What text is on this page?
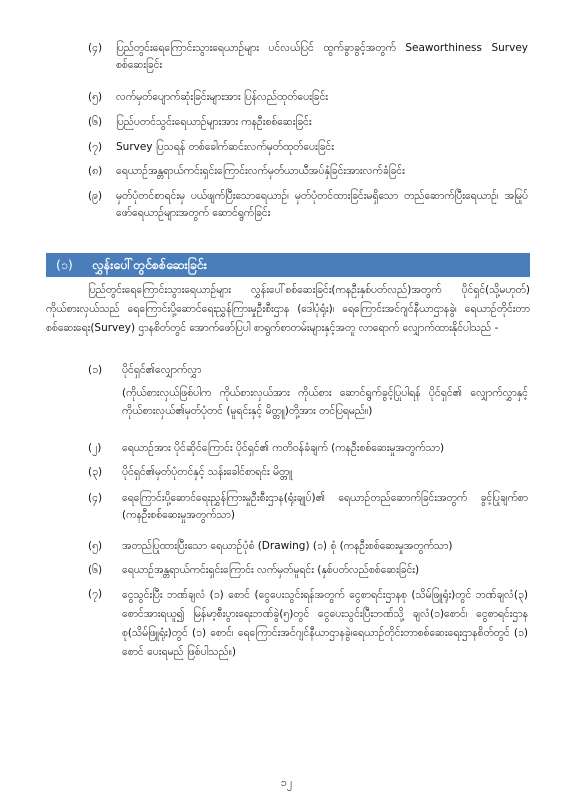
(၄)	ပြည်တွင်းရေကြောင်းသွားရေယာဉ်များ ပင်လယ်ပြင် ထွက်ခွာခွင့်အတွက် Seaworthiness Survey စစ်ဆေးခြင်း
(၅)	လက်မှတ်ပျောက်ဆုံးခြင်းများအား ပြန်လည်ထုတ်ပေးခြင်း
(၆)	ပြည်ပတင်သွင်းရေယာဉ်များအား ကနဦးစစ်ဆေးခြင်း
(၇)	Survey ပြသရန် တစ်ခေါက်ဆင်းလက်မှတ်ထုတ်ပေးခြင်း
(၈)	ရေယာဉ်အန္တရာယ်ကင်းရှင်းကြောင်းလက်မှတ်ယာယီအပ်နှံခြင်းအားလက်ခံခြင်း
(၉)	မှတ်ပုံတင်စာရင်းမှ ပယ်ဖျက်ပြီးသောရေယာဉ်၊ မှတ်ပုံတင်ထားခြင်းမရှိသော တည်ဆောက်ပြီးရေယာဉ်၊ အမြုပ်ဖော်ရေယာဉ်များအတွက် ဆောင်ရွက်ခြင်း
(၁) လွှန်းပေါ်တွင်စစ်ဆေးခြင်း
ပြည်တွင်းရေကြောင်းသွားရေယာဉ်များ လွှန်းပေါ်စစ်ဆေးခြင်း(ကနဦးနှစ်ပတ်လည်)အတွက် ပိုင်ရှင်(သို့မဟုတ်) ကိုယ်စားလှယ်သည် ရေကြောင်းပို့ဆောင်ရေးညွှန်ကြားမှုဦးစီးဌာန (ဒေါပုံရုံး)၊ ရေကြောင်းအင်ဂျင်နီယာဌာနခွဲ၊ ရေယာဉ်တိုင်းတာစစ်ဆေးရေး(Survey) ဌာနစိတ်တွင် အောက်ဖော်ပြပါ စာရွက်စာတမ်းများနှင့်အတူ လာရောက် လျှောက်ထားနိုင်ပါသည် -
(၁)	ပိုင်ရှင်၏လျှောက်လွှာ
(ကိုယ်စားလှယ်ဖြစ်ပါက ကိုယ်စားလှယ်အား ကိုယ်စား ဆောင်ရွက်ခွင့်ပြုပါရန် ပိုင်ရှင်၏ လျှောက်လွှာနှင့် ကိုယ်စားလှယ်၏မှတ်ပုံတင် (မူရင်းနှင့် မိတ္တူ)တို့အား တင်ပြရမည်။)
(၂)	ရေယာဉ်အား ပိုင်ဆိုင်ကြောင်း ပိုင်ရှင်၏ ကတိဝန်ခံချက် (ကနဦးစစ်ဆေးမှုအတွက်သာ)
(၃)	ပိုင်ရှင်၏မှတ်ပုံတင်နှင့် သန်းခေါင်စာရင်း မိတ္တူ
(၄)	ရေကြောင်းပို့ဆောင်ရေးညွှန်ကြားမှုဦးစီးဌာန(ရုံးချုပ်)၏ ရေယာဉ်တည်ဆောက်ခြင်းအတွက် ခွင့်ပြုချက်စာ (ကနဦးစစ်ဆေးမှုအတွက်သာ)
(၅)	အတည်ပြုထားပြီးသော ရေယာဉ်ပုံစံ (Drawing) (၁) စုံ (ကနဦးစစ်ဆေးမှုအတွက်သာ)
(၆)	ရေယာဉ်အန္တရာယ်ကင်းရှင်းကြောင်း လက်မှတ်မူရင်း (နှစ်ပတ်လည်စစ်ဆေးခြင်း)
(၇)	ငွေသွင်းပြီး ဘဏ်ချလံ (၁) စောင် (ငွေပေးသွင်းရန်အတွက် ငွေစာရင်းဌာနစု (သိမ်ဖြူရုံး)တွင် ဘဏ်ချလံ(၃) စောင်အားရယူ၍ မြန်မာ့စီးပွားရေးဘဏ်ခွဲ(၅)တွင် ငွေပေးသွင်းပြီးဘဏ်သို့ ချလံ(၁)စောင်၊ ငွေစာရင်းဌာနစု(သိမ်ဖြူရုံး)တွင် (၁) စောင်၊ ရေကြောင်းအင်ဂျင်နီယာဌာနခွဲ၊ရေယာဉ်တိုင်းတာစစ်ဆေးရေးဌာနစိတ်တွင် (၁) စောင် ပေးရမည် ဖြစ်ပါသည်။)
၁၂
